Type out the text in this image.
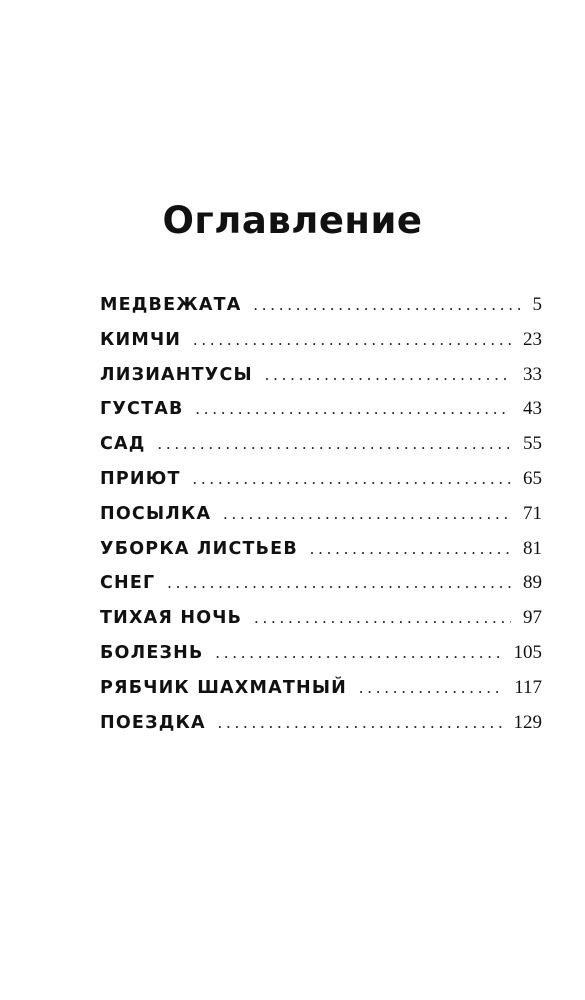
Оглавление
МЕДВЕЖАТА . . .	5
КИМЧИ . . .	23
ЛИЗИАНТУСЫ . . .	33
ГУСТАВ . . .	43
САД . . .	55
ПРИЮТ . . .	65
ПОСЫЛКА . . .	71
УБОРКА ЛИСТЬЕВ . . .	81
СНЕГ . . .	89
ТИХАЯ НОЧЬ . . .	97
БОЛЕЗНЬ . . .	105
РЯБЧИК ШАХМАТНЫЙ . . .	117
ПОЕЗДКА . . .	129
